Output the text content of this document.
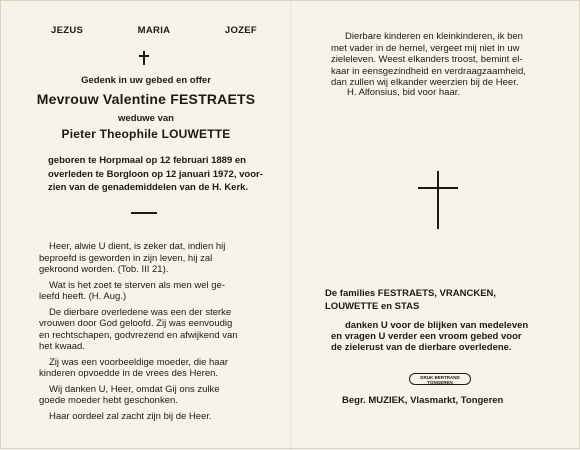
JEZUS	MARIA	JOZEF
Gedenk in uw gebed en offer
Mevrouw Valentine FESTRAETS
weduwe van
Pieter Theophile LOUWETTE
geboren te Horpmaal op 12 februari 1889 en
overleden te Borgloon op 12 januari 1972, voor-
zien van de genademiddelen van de H. Kerk.
Heer, alwie U dient, is zeker dat, indien hij
beproefd is geworden in zijn leven, hij zal
gekroond worden. (Tob. III 21).
Wat is het zoet te sterven als men wel ge-
leefd heeft. (H. Aug.)
De dierbare overledene was een der sterke
vrouwen door God geloofd. Zij was eenvoudig
en rechtschapen, godvrezend en afwijkend van
het kwaad.
Zij was een voorbeeldige moeder, die haar
kinderen opvoedde in de vrees des Heren.
Wij danken U, Heer, omdat Gij ons zulke
goede moeder hebt geschonken.
Haar oordeel zal zacht zijn bij de Heer.
Dierbare kinderen en kleinkinderen, ik ben
met vader in de hemel, vergeet mij niet in uw
zieleleven. Weest elkanders troost, bemint el-
kaar in eensgezindheid en verdraagzaamheid,
dan zullen wij elkander weerzien bij de Heer.
H. Alfonsius, bid voor haar.
De families FESTRAETS, VRANCKEN,
LOUWETTE en STAS
danken U voor de blijken van medeleven
en vragen U verder een vroom gebed voor
de zielerust van de dierbare overledene.
DRUK BERTRAND
TONGEREN
Begr. MUZIEK, Vlasmarkt, Tongeren
